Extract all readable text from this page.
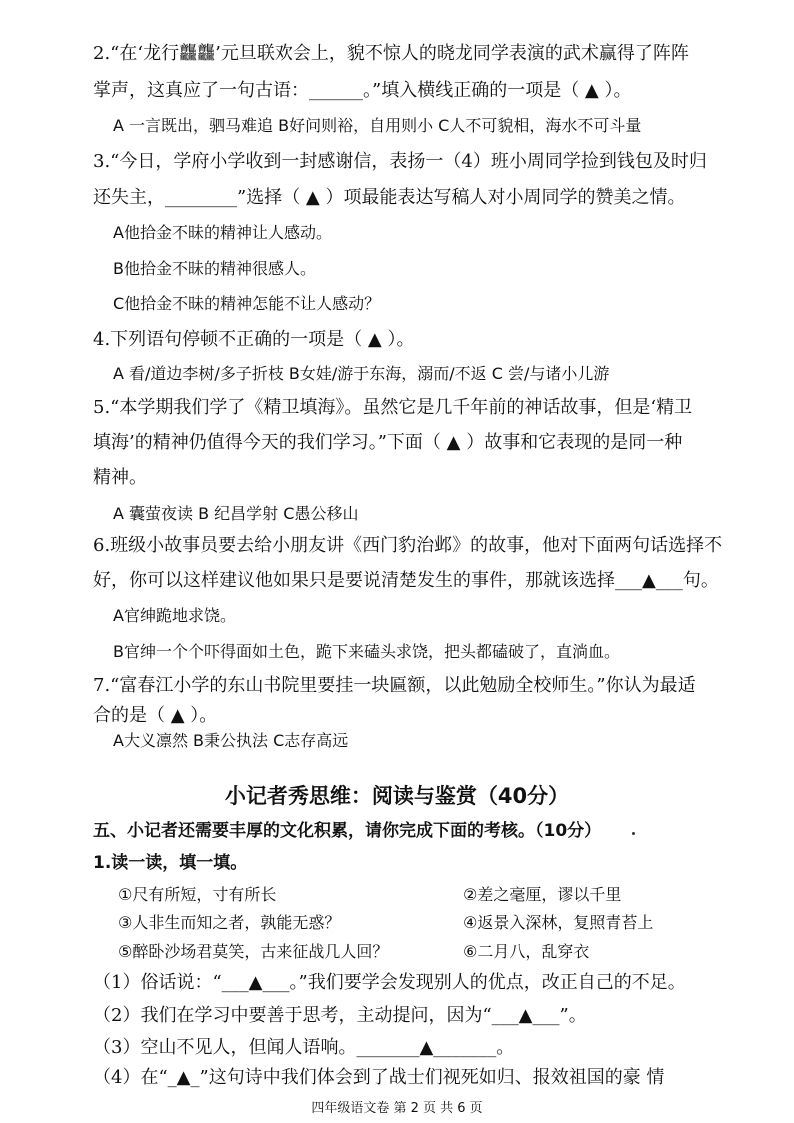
2.“在‘龙行龘龘’元旦联欢会上，貌不惊人的晓龙同学表演的武术赢得了阵阵
掌声，这真应了一句古语：______。”填入横线正确的一项是（ ▲ ）。
A 一言既出，驷马难追 B好问则裕，自用则小 C人不可貌相，海水不可斗量
3.“今日，学府小学收到一封感谢信，表扬一（4）班小周同学捡到钱包及时归
还失主，________”选择（ ▲ ）项最能表达写稿人对小周同学的赞美之情。
A他拾金不昧的精神让人感动。
B他拾金不昧的精神很感人。
C他拾金不昧的精神怎能不让人感动？
4.下列语句停顿不正确的一项是（ ▲ ）。
A 看/道边李树/多子折枝 B女娃/游于东海，溺而/不返 C 尝/与诸小儿游
5.“本学期我们学了《精卫填海》。虽然它是几千年前的神话故事，但是‘精卫
填海’的精神仍值得今天的我们学习。”下面（ ▲ ）故事和它表现的是同一种
精神。
A 囊萤夜读 B 纪昌学射 C愚公移山
6.班级小故事员要去给小朋友讲《西门豹治邺》的故事，他对下面两句话选择不
好，你可以这样建议他如果只是要说清楚发生的事件，那就该选择___▲___句。
A官绅跪地求饶。
B官绅一个个吓得面如土色，跪下来磕头求饶，把头都磕破了，直淌血。
7.“富春江小学的东山书院里要挂一块匾额，以此勉励全校师生。”你认为最适
合的是（ ▲ ）。
A大义凛然 B秉公执法 C志存高远
小记者秀思维：阅读与鉴赏（40分）
五、小记者还需要丰厚的文化积累，请你完成下面的考核。（10分）
1.读一读，填一填。
①尺有所短，寸有所长	②差之毫厘，谬以千里
③人非生而知之者，孰能无惑？	④返景入深林，复照青苔上
⑤醉卧沙场君莫笑，古来征战几人回？	⑥二月八，乱穿衣
（1）俗话说：“___▲___。”我们要学会发现别人的优点，改正自己的不足。
（2）我们在学习中要善于思考，主动提问，因为“___▲___”。
（3）空山不见人，但闻人语响。_______▲_______。
（4）在“_▲_”这句诗中我们体会到了战士们视死如归、报效祖国的豪 情
四年级语文卷 第 2 页 共 6 页
